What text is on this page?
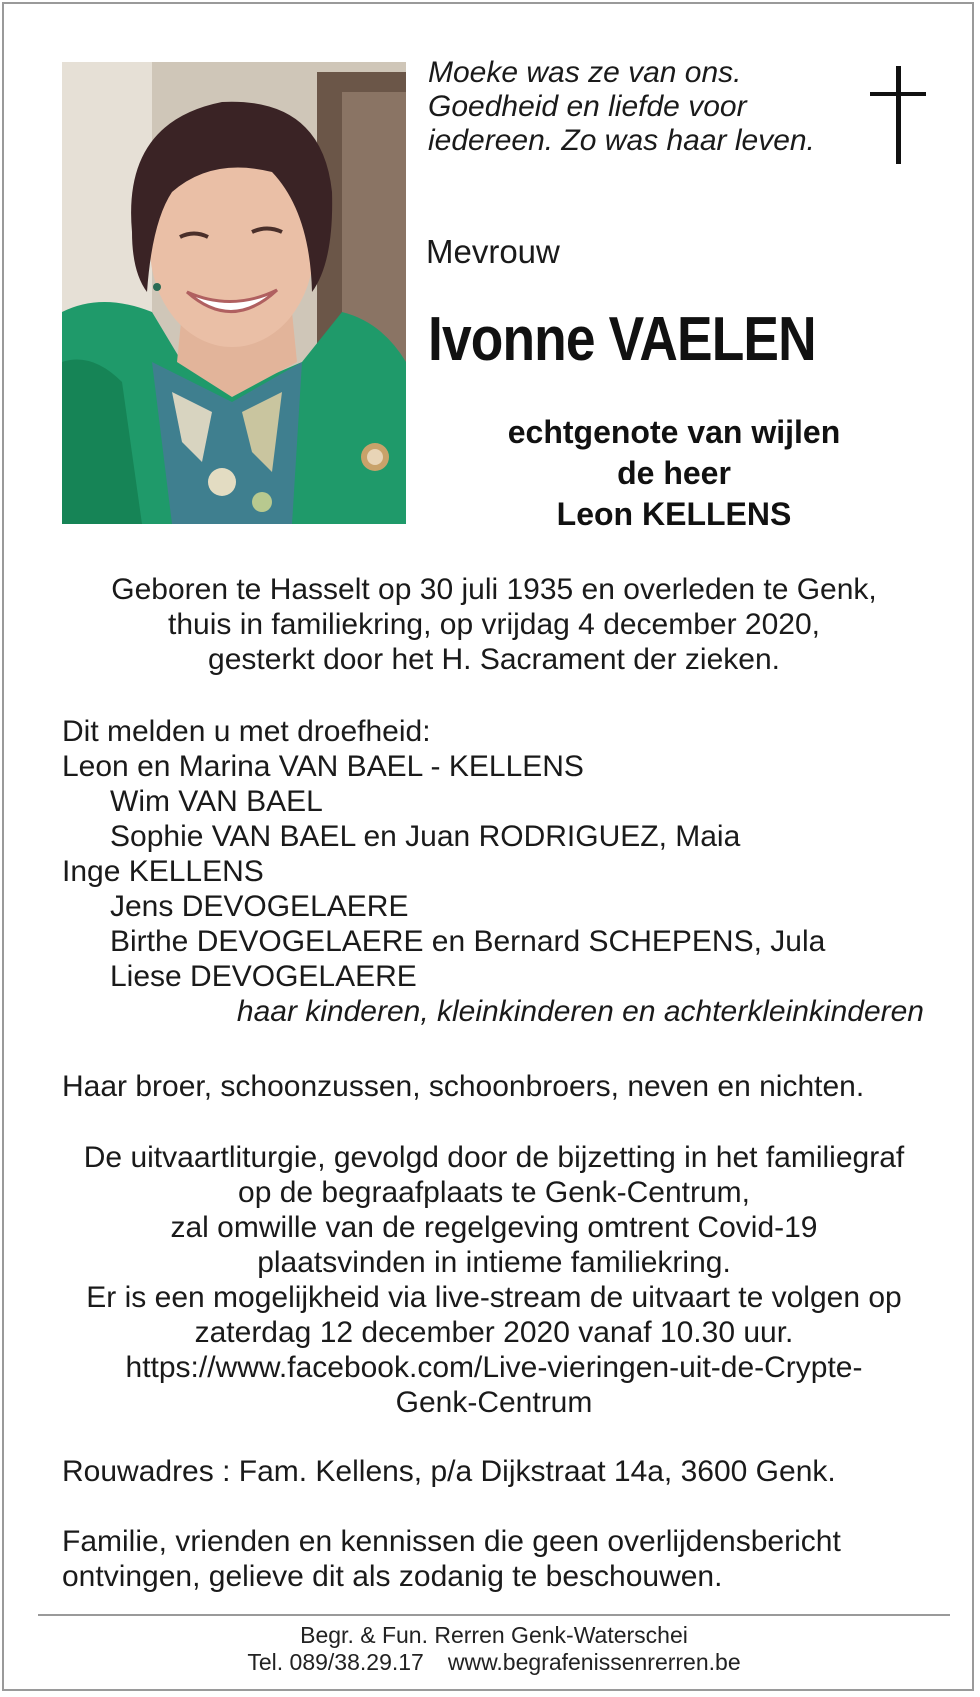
Moeke was ze van ons.
Goedheid en liefde voor
iedereen. Zo was haar leven.
Mevrouw
Ivonne VAELEN
echtgenote van wijlen
de heer
Leon KELLENS
Geboren te Hasselt op 30 juli 1935 en overleden te Genk,
thuis in familiekring, op vrijdag 4 december 2020,
gesterkt door het H. Sacrament der zieken.
Dit melden u met droefheid:
Leon en Marina VAN BAEL - KELLENS
Wim VAN BAEL
Sophie VAN BAEL en Juan RODRIGUEZ, Maia
Inge KELLENS
Jens DEVOGELAERE
Birthe DEVOGELAERE en Bernard SCHEPENS, Jula
Liese DEVOGELAERE
haar kinderen, kleinkinderen en achterkleinkinderen
Haar broer, schoonzussen, schoonbroers, neven en nichten.
De uitvaartliturgie, gevolgd door de bijzetting in het familiegraf
op de begraafplaats te Genk-Centrum,
zal omwille van de regelgeving omtrent Covid-19
plaatsvinden in intieme familiekring.
Er is een mogelijkheid via live-stream de uitvaart te volgen op
zaterdag 12 december 2020 vanaf 10.30 uur.
https://www.facebook.com/Live-vieringen-uit-de-Crypte-
Genk-Centrum
Rouwadres : Fam. Kellens, p/a Dijkstraat 14a, 3600 Genk.
Familie, vrienden en kennissen die geen overlijdensbericht
ontvingen, gelieve dit als zodanig te beschouwen.
Begr. & Fun. Rerren Genk-Waterschei
Tel. 089/38.29.17 www.begrafenissenrerren.be
